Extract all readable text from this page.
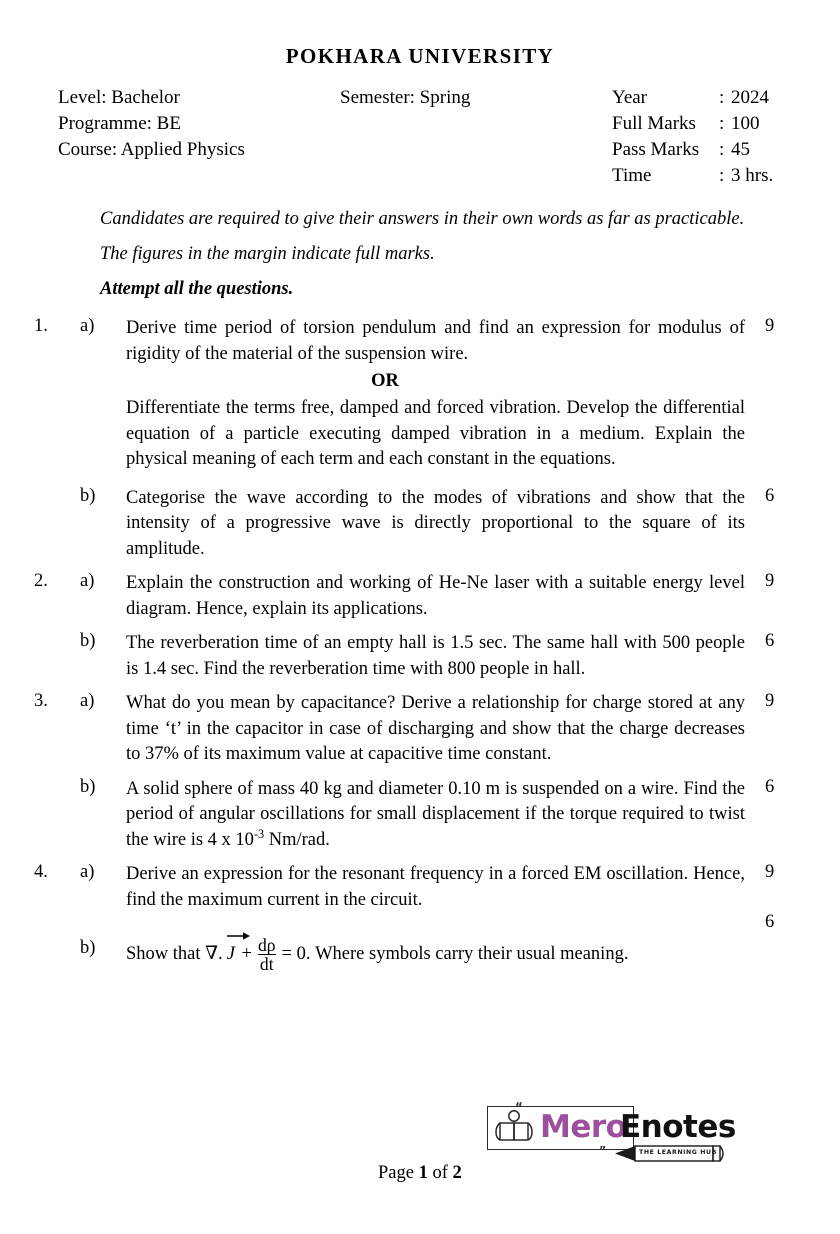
POKHARA UNIVERSITY
Level: Bachelor
Programme: BE
Course: Applied Physics
Semester: Spring	Year	: 2024
Full Marks	: 100
Pass Marks	: 45
Time	: 3 hrs.
Candidates are required to give their answers in their own words as far as practicable.
The figures in the margin indicate full marks.
Attempt all the questions.
1.	a)	Derive time period of torsion pendulum and find an expression for modulus of rigidity of the material of the suspension wire.
9
OR
Differentiate the terms free, damped and forced vibration. Develop the differential equation of a particle executing damped vibration in a medium. Explain the physical meaning of each term and each constant in the equations.
b)	Categorise the wave according to the modes of vibrations and show that the intensity of a progressive wave is directly proportional to the square of its amplitude.
6
2.	a)	Explain the construction and working of He-Ne laser with a suitable energy level diagram. Hence, explain its applications.
9
b)	The reverberation time of an empty hall is 1.5 sec. The same hall with 500 people is 1.4 sec. Find the reverberation time with 800 people in hall.
6
3.	a)	What do you mean by capacitance? Derive a relationship for charge stored at any time ‘t’ in the capacitor in case of discharging and show that the charge decreases to 37% of its maximum value at capacitive time constant.
9
b)	A solid sphere of mass 40 kg and diameter 0.10 m is suspended on a wire. Find the period of angular oscillations for small displacement if the torque required to twist the wire is 4 x $10^{-3}$ Nm/rad.
6
4.	a)	Derive an expression for the resonant frequency in a forced EM oscillation. Hence, find the maximum current in the circuit.
9
b)	Show that
∇. J
+ $\frac{d\rho}{dt} = 0$.
Where symbols carry their usual meaning.
6
Page 1 of 2
“
Mero
Enotes
”	THE LEARNING HUB
